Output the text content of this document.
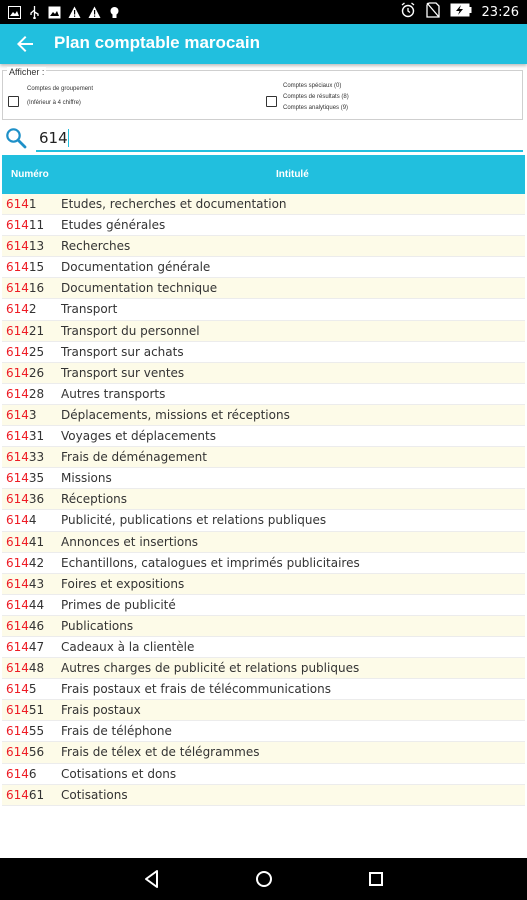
23:26
Plan comptable marocain
Afficher :
Comptes de groupement
(Inférieur à 4 chiffre)
Comptes spéciaux (0)
Comptes de résultats (8)
Comptes analytiques (9)
614
Numéro	Intitulé
6141 Etudes, recherches et documentation
61411 Etudes générales
61413 Recherches
61415 Documentation générale
61416 Documentation technique
6142 Transport
61421 Transport du personnel
61425 Transport sur achats
61426 Transport sur ventes
61428 Autres transports
6143 Déplacements, missions et réceptions
61431 Voyages et déplacements
61433 Frais de déménagement
61435 Missions
61436 Réceptions
6144 Publicité, publications et relations publiques
61441 Annonces et insertions
61442 Echantillons, catalogues et imprimés publicitaires
61443 Foires et expositions
61444 Primes de publicité
61446 Publications
61447 Cadeaux à la clientèle
61448 Autres charges de publicité et relations publiques
6145 Frais postaux et frais de télécommunications
61451 Frais postaux
61455 Frais de téléphone
61456 Frais de télex et de télégrammes
6146 Cotisations et dons
61461 Cotisations
